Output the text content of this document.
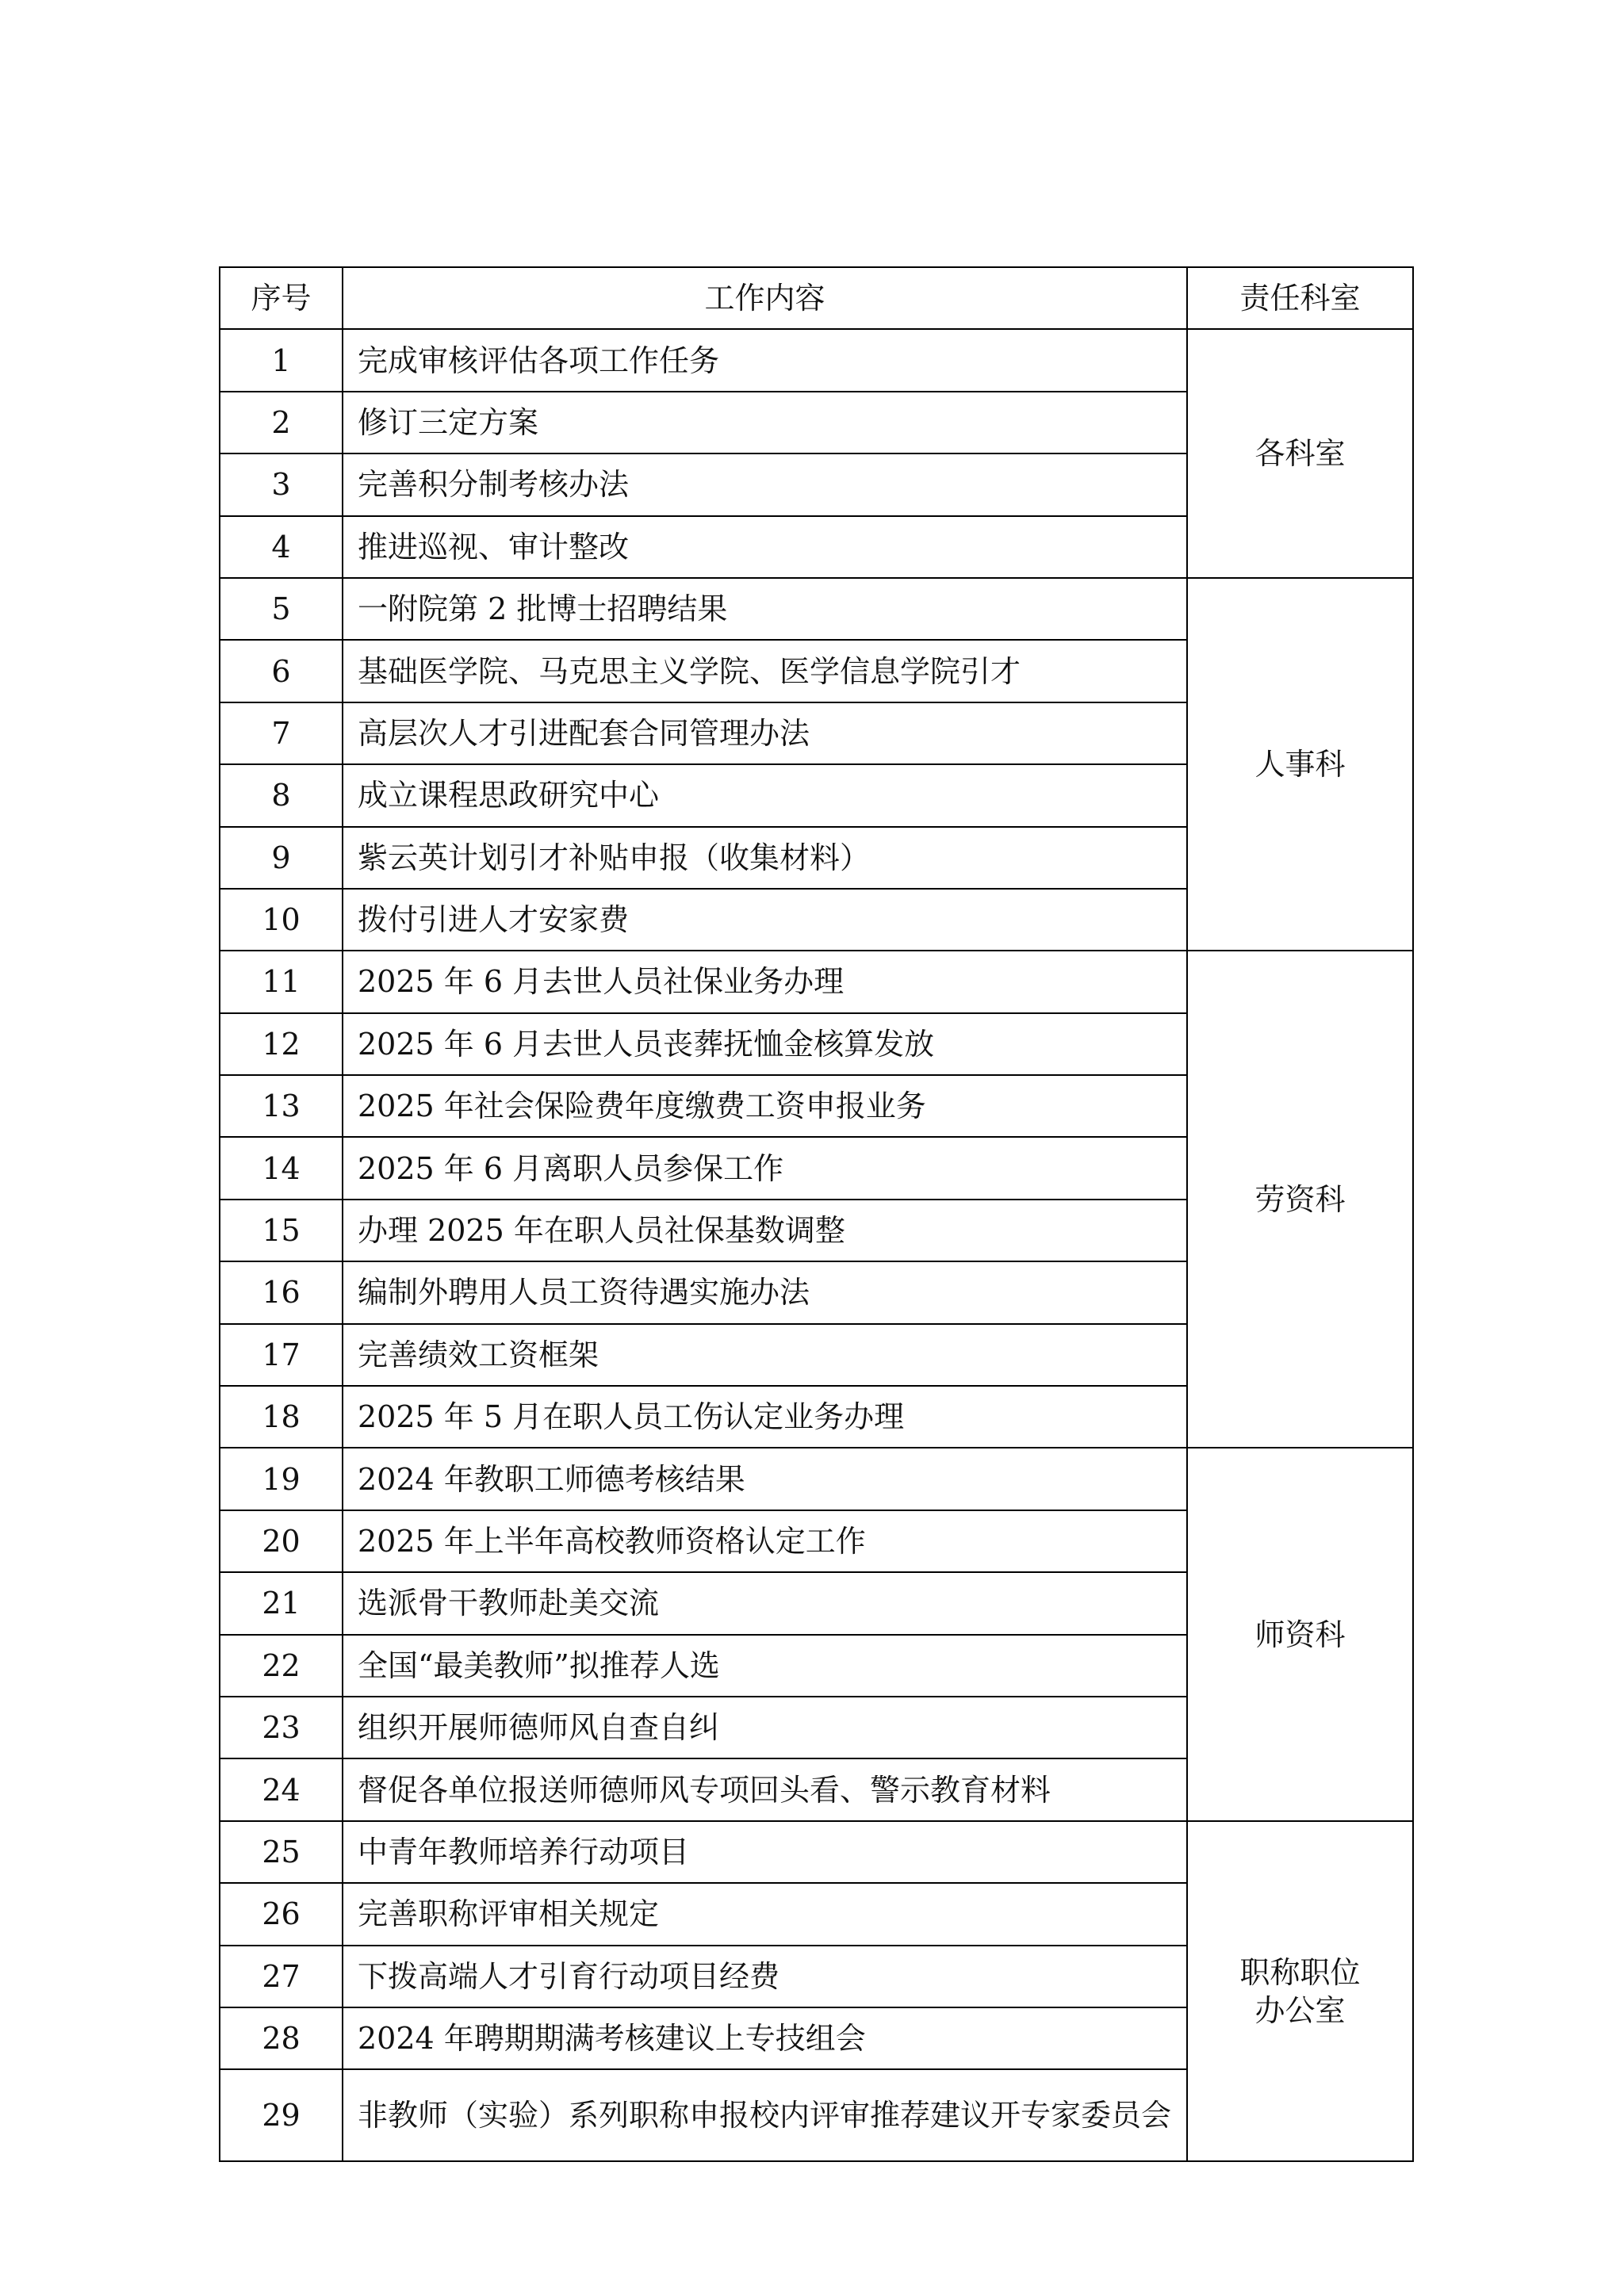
序号	工作内容	责任科室
1	完成审核评估各项工作任务	各科室
2	修订三定方案	
3	完善积分制考核办法	
4	推进巡视、审计整改	
5	一附院第 2 批博士招聘结果	人事科
6	基础医学院、马克思主义学院、医学信息学院引才	
7	高层次人才引进配套合同管理办法	
8	成立课程思政研究中心	
9	紫云英计划引才补贴申报（收集材料）	
10	拨付引进人才安家费	
11	2025 年 6 月去世人员社保业务办理	劳资科
12	2025 年 6 月去世人员丧葬抚恤金核算发放	
13	2025 年社会保险费年度缴费工资申报业务	
14	2025 年 6 月离职人员参保工作	
15	办理 2025 年在职人员社保基数调整	
16	编制外聘用人员工资待遇实施办法	
17	完善绩效工资框架	
18	2025 年 5 月在职人员工伤认定业务办理	
19	2024 年教职工师德考核结果	师资科
20	2025 年上半年高校教师资格认定工作	
21	选派骨干教师赴美交流	
22	全国“最美教师”拟推荐人选	
23	组织开展师德师风自查自纠	
24	督促各单位报送师德师风专项回头看、警示教育材料	
25	中青年教师培养行动项目	职称职位
办公室
26	完善职称评审相关规定	
27	下拨高端人才引育行动项目经费	
28	2024 年聘期期满考核建议上专技组会	
29	非教师（实验）系列职称申报校内评审推荐建议开专家委员会	
